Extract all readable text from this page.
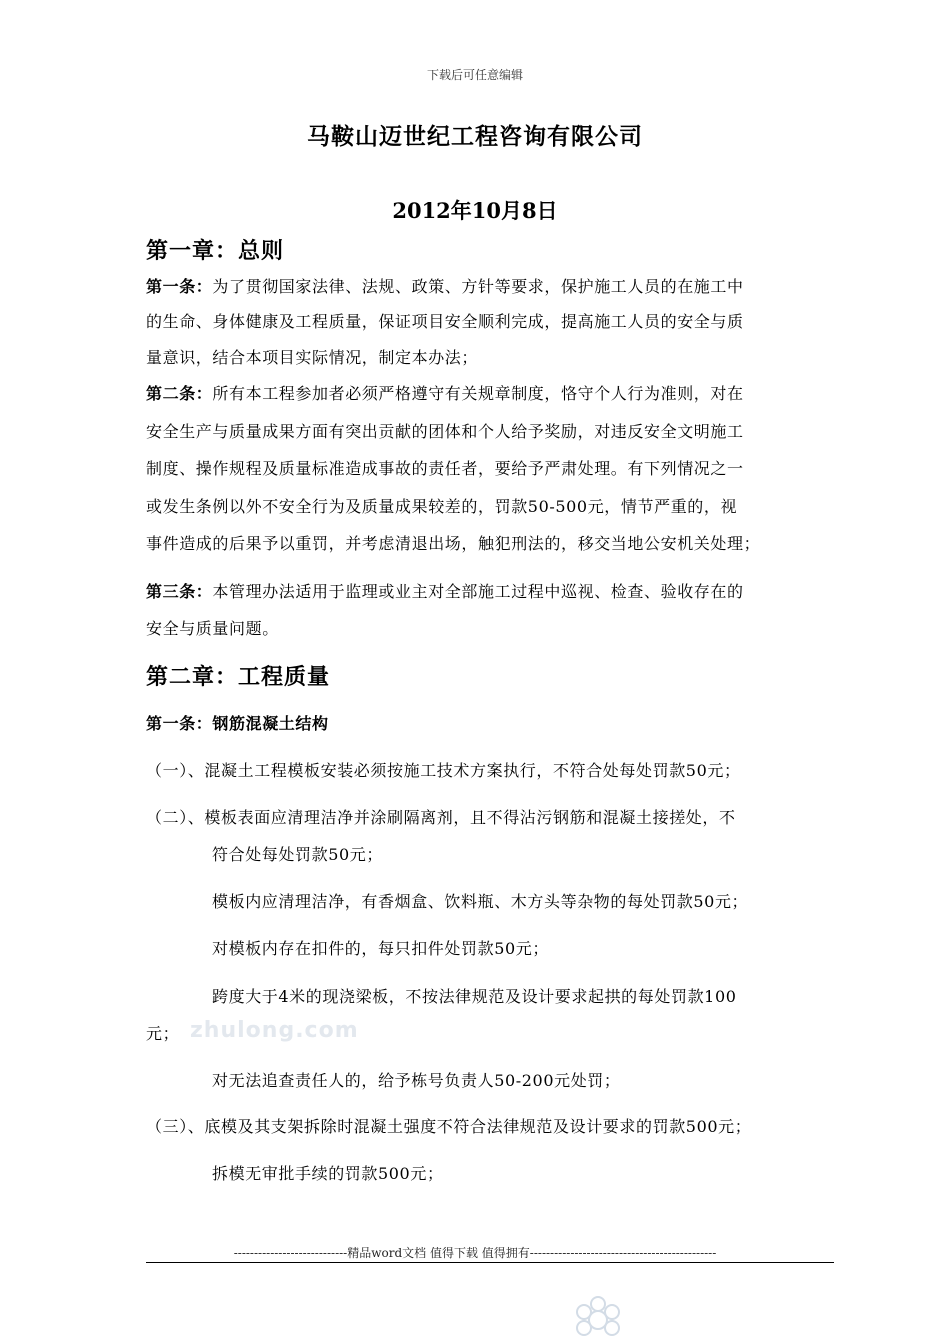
下载后可任意编辑
马鞍山迈世纪工程咨询有限公司
2012年10月8日
第一章：总则
第一条：为了贯彻国家法律、法规、政策、方针等要求，保护施工人员的在施工中
的生命、身体健康及工程质量，保证项目安全顺利完成，提高施工人员的安全与质
量意识，结合本项目实际情况，制定本办法；
第二条：所有本工程参加者必须严格遵守有关规章制度，恪守个人行为准则，对在
安全生产与质量成果方面有突出贡献的团体和个人给予奖励，对违反安全文明施工
制度、操作规程及质量标准造成事故的责任者，要给予严肃处理。有下列情况之一
或发生条例以外不安全行为及质量成果较差的，罚款50-500元，情节严重的，视
事件造成的后果予以重罚，并考虑清退出场，触犯刑法的，移交当地公安机关处理；
第三条：本管理办法适用于监理或业主对全部施工过程中巡视、检查、验收存在的
安全与质量问题。
第二章：工程质量
第一条：钢筋混凝土结构
（一）、混凝土工程模板安装必须按施工技术方案执行，不符合处每处罚款50元；
（二）、模板表面应清理洁净并涂刷隔离剂，且不得沾污钢筋和混凝土接搓处，不
符合处每处罚款50元；
模板内应清理洁净，有香烟盒、饮料瓶、木方头等杂物的每处罚款50元；
对模板内存在扣件的，每只扣件处罚款50元；
跨度大于4米的现浇梁板，不按法律规范及设计要求起拱的每处罚款100
元； zhulong.com
对无法追查责任人的，给予栋号负责人50-200元处罚；
（三）、底模及其支架拆除时混凝土强度不符合法律规范及设计要求的罚款500元；
拆模无审批手续的罚款500元；
----------------------------精品word文档 值得下载 值得拥有----------------------------------------------
